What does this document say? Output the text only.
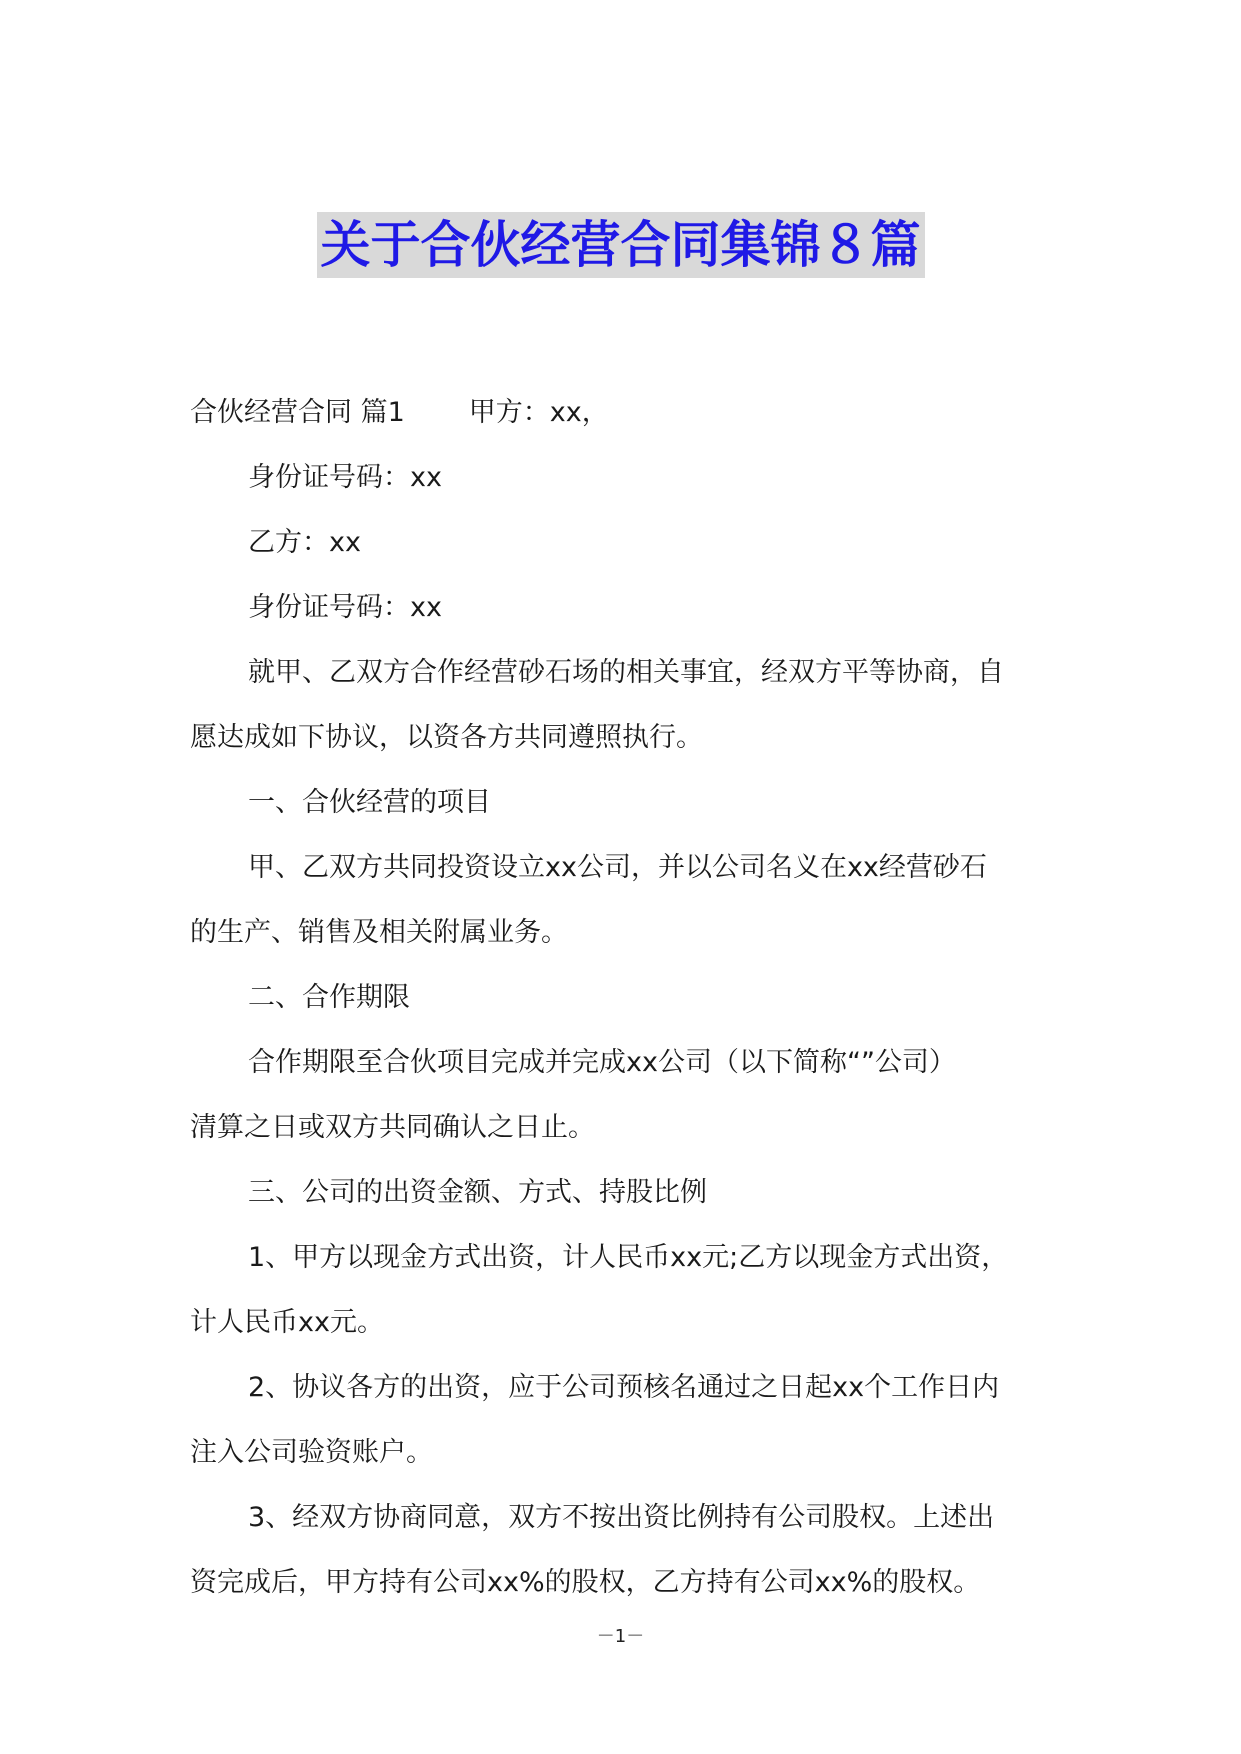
关于合伙经营合同集锦８篇
合伙经营合同 篇1 甲方：xx，
身份证号码：xx
乙方：xx
身份证号码：xx
就甲、乙双方合作经营砂石场的相关事宜，经双方平等协商，自
愿达成如下协议，以资各方共同遵照执行。
一、合伙经营的项目
甲、乙双方共同投资设立xx公司，并以公司名义在xx经营砂石
的生产、销售及相关附属业务。
二、合作期限
合作期限至合伙项目完成并完成xx公司（以下简称“”公司）
清算之日或双方共同确认之日止。
三、公司的出资金额、方式、持股比例
1、甲方以现金方式出资，计人民币xx元;乙方以现金方式出资，
计人民币xx元。
2、协议各方的出资，应于公司预核名通过之日起xx个工作日内
注入公司验资账户。
3、经双方协商同意，双方不按出资比例持有公司股权。上述出
资完成后，甲方持有公司xx%的股权，乙方持有公司xx%的股权。
－1－
